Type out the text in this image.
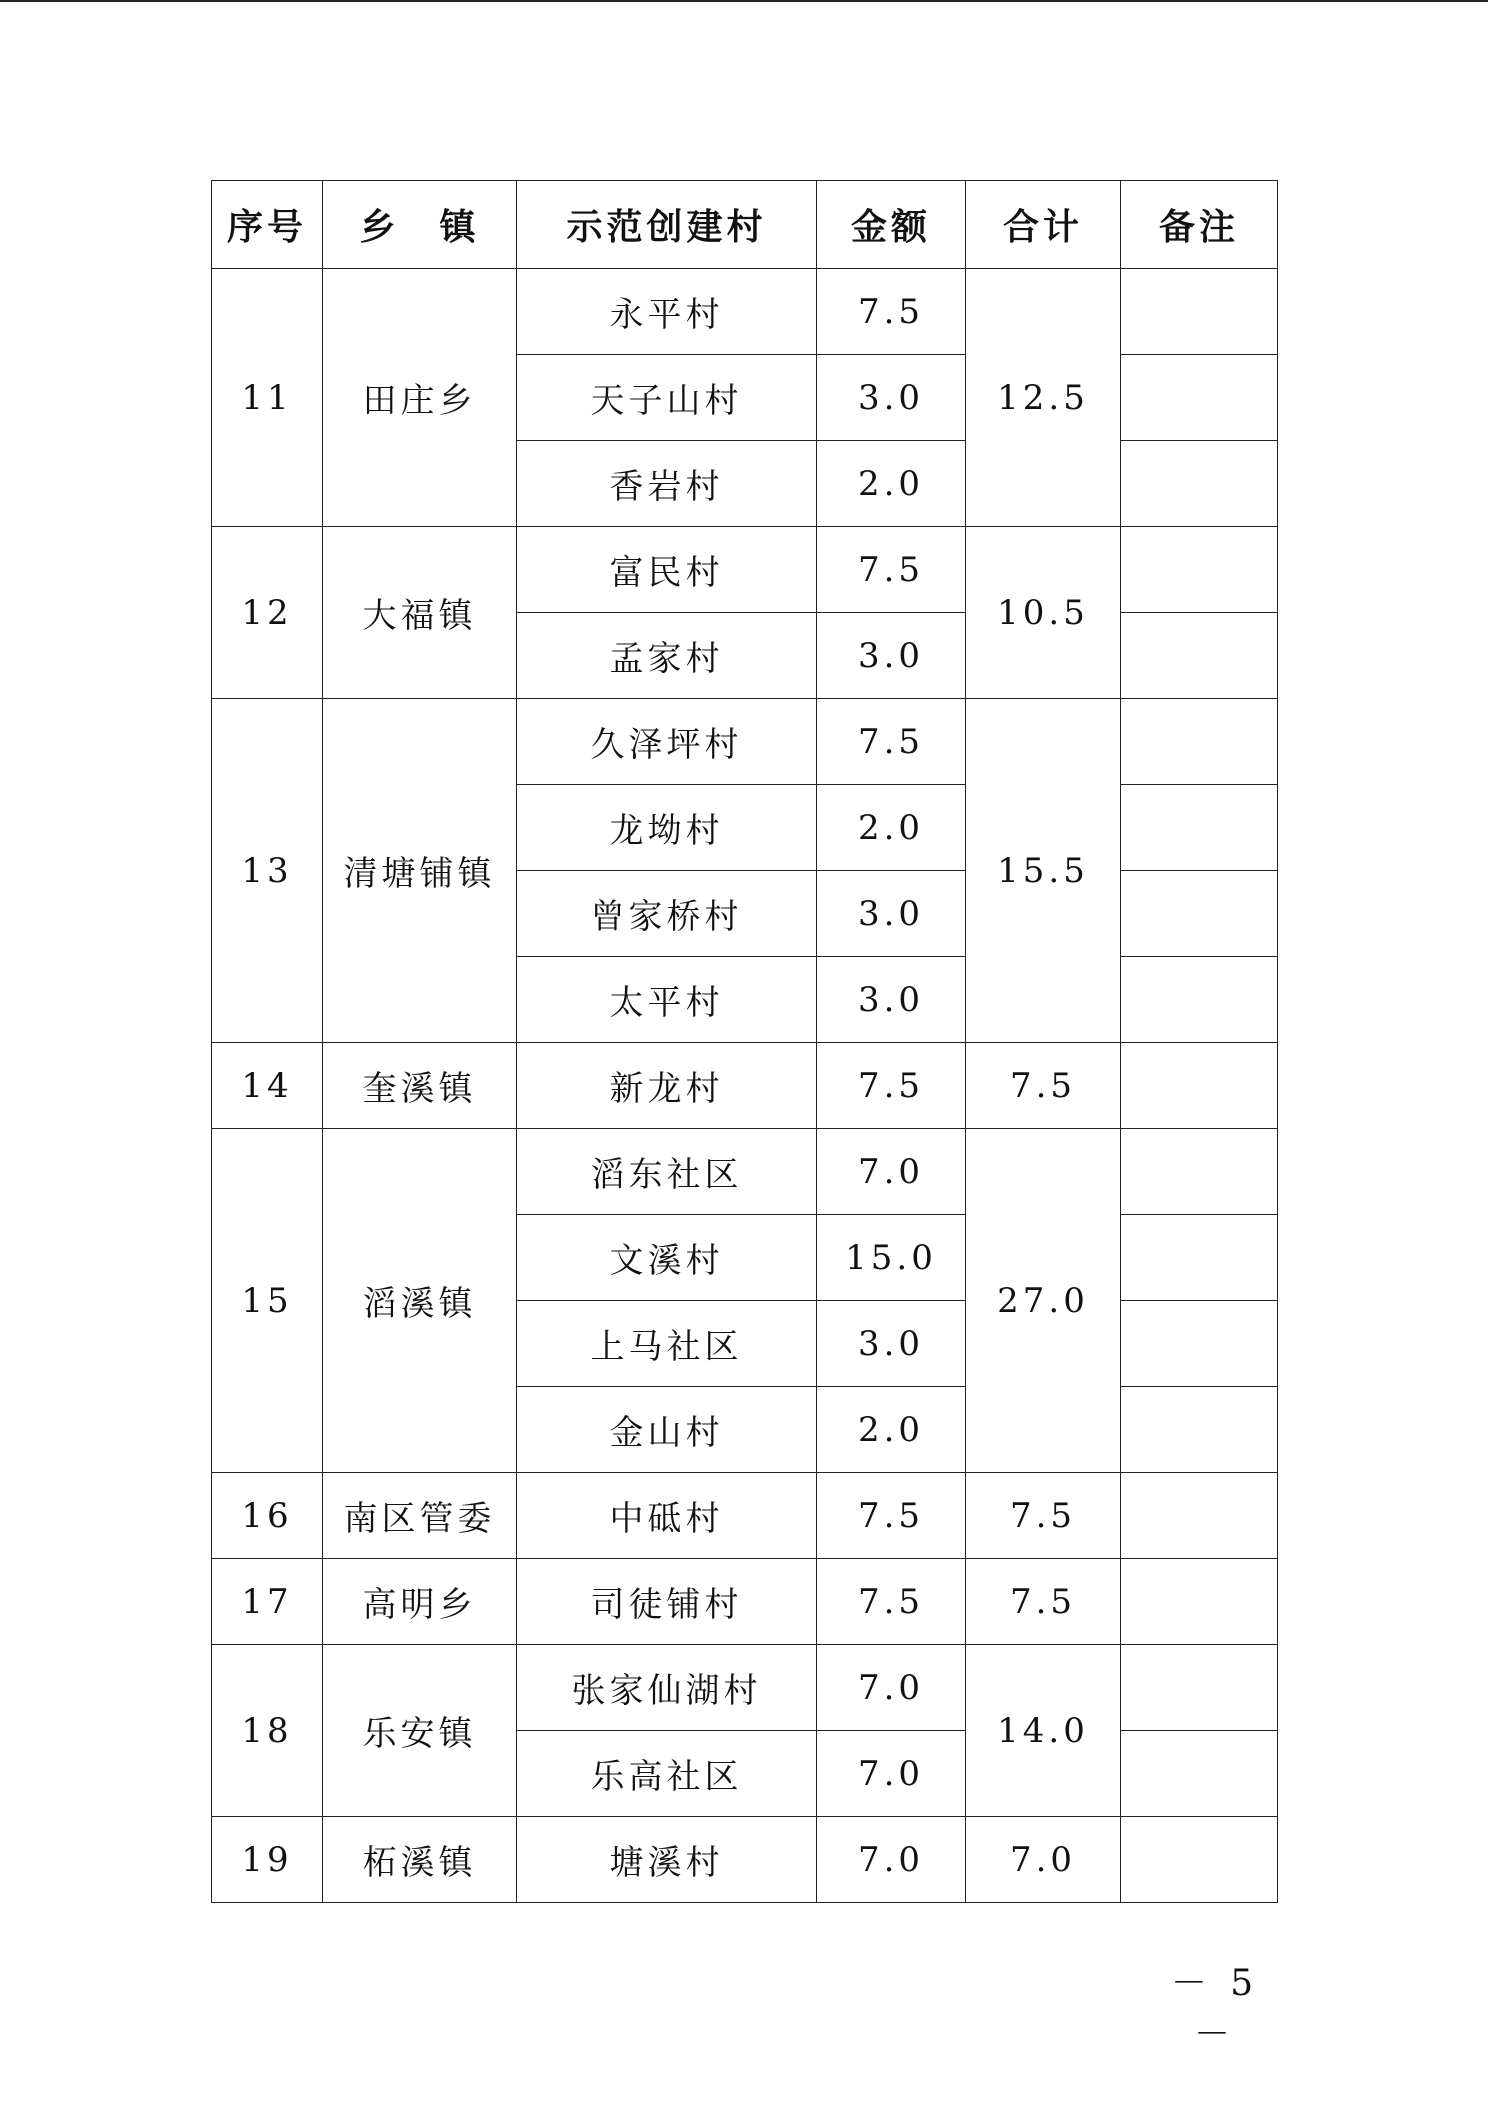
序号	乡　镇	示范创建村	金额	合计	备注
11	田庄乡	永平村	7.5	12.5	
		天子山村	3.0		
		香岩村	2.0		
12	大福镇	富民村	7.5	10.5	
		孟家村	3.0		
13	清塘铺镇	久泽坪村	7.5	15.5	
		龙坳村	2.0		
		曾家桥村	3.0		
		太平村	3.0		
14	奎溪镇	新龙村	7.5	7.5	
15	滔溪镇	滔东社区	7.0	27.0	
		文溪村	15.0		
		上马社区	3.0		
		金山村	2.0		
16	南区管委	中砥村	7.5	7.5	
17	高明乡	司徒铺村	7.5	7.5	
18	乐安镇	张家仙湖村	7.0	14.0	
		乐高社区	7.0		
19	柘溪镇	塘溪村	7.0	7.0	
－ 5 －
